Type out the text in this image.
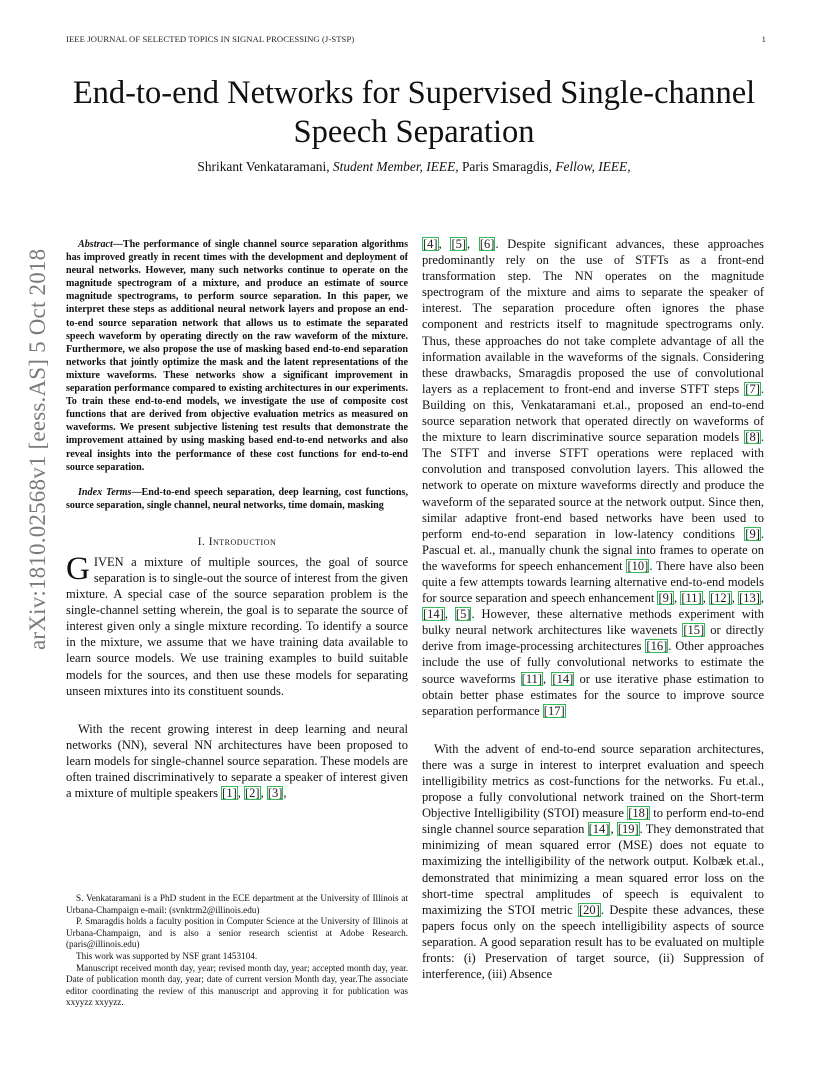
IEEE JOURNAL OF SELECTED TOPICS IN SIGNAL PROCESSING (J-STSP)	1
arXiv:1810.02568v1 [eess.AS] 5 Oct 2018
End-to-end Networks for Supervised Single-channel Speech Separation
Shrikant Venkataramani, Student Member, IEEE, Paris Smaragdis, Fellow, IEEE,

Abstract—The performance of single channel source separation algorithms has improved greatly in recent times with the development and deployment of neural networks. However, many such networks continue to operate on the magnitude spectrogram of a mixture, and produce an estimate of source magnitude spectrograms, to perform source separation. In this paper, we interpret these steps as additional neural network layers and propose an end-to-end source separation network that allows us to estimate the separated speech waveform by operating directly on the raw waveform of the mixture. Furthermore, we also propose the use of masking based end-to-end separation networks that jointly optimize the mask and the latent representations of the mixture waveforms. These networks show a significant improvement in separation performance compared to existing architectures in our experiments. To train these end-to-end models, we investigate the use of composite cost functions that are derived from objective evaluation metrics as measured on waveforms. We present subjective listening test results that demonstrate the improvement attained by using masking based end-to-end networks and also reveal insights into the performance of these cost functions for end-to-end source separation.

Index Terms—End-to-end speech separation, deep learning, cost functions, source separation, single channel, neural networks, time domain, masking

I. Introduction

GIVEN a mixture of multiple sources, the goal of source separation is to single-out the source of interest from the given mixture. A special case of the source separation problem is the single-channel setting wherein, the goal is to separate the source of interest given only a single mixture recording. To identify a source in the mixture, we assume that we have training data available to learn source models. We use training examples to build suitable models for the sources, and then use these models for separating unseen mixtures into its constituent sounds.

With the recent growing interest in deep learning and neural networks (NN), several NN architectures have been proposed to learn models for single-channel source separation. These models are often trained discriminatively to separate a speaker of interest given a mixture of multiple speakers [1], [2], [3],

S. Venkataramani is a PhD student in the ECE department at the University of Illinois at Urbana-Champaign e-mail: (svnktrm2@illinois.edu)

P. Smaragdis holds a faculty position in Computer Science at the University of Illinois at Urbana-Champaign, and is also a senior research scientist at Adobe Research. (paris@illinois.edu)

This work was supported by NSF grant 1453104.

Manuscript received month day, year; revised month day, year; accepted month day, year. Date of publication month day, year; date of current version Month day, year.The associate editor coordinating the review of this manuscript and approving it for publication was xxyyzz xxyyzz.

[4], [5], [6]. Despite significant advances, these approaches predominantly rely on the use of STFTs as a front-end transformation step. The NN operates on the magnitude spectrogram of the mixture and aims to separate the speaker of interest. The separation procedure often ignores the phase component and restricts itself to magnitude spectrograms only. Thus, these approaches do not take complete advantage of all the information available in the waveforms of the signals. Considering these drawbacks, Smaragdis proposed the use of convolutional layers as a replacement to front-end and inverse STFT steps [7]. Building on this, Venkataramani et.al., proposed an end-to-end source separation network that operated directly on waveforms of the mixture to learn discriminative source separation models [8]. The STFT and inverse STFT operations were replaced with convolution and transposed convolution layers. This allowed the network to operate on mixture waveforms directly and produce the waveform of the separated source at the network output. Since then, similar adaptive front-end based networks have been used to perform end-to-end separation in low-latency conditions [9]. Pascual et. al., manually chunk the signal into frames to operate on the waveforms for speech enhancement [10]. There have also been quite a few attempts towards learning alternative end-to-end models for source separation and speech enhancement [9], [11], [12], [13], [14], [5]. However, these alternative methods experiment with bulky neural network architectures like wavenets [15] or directly derive from image-processing architectures [16]. Other approaches include the use of fully convolutional networks to estimate the source waveforms [11], [14] or use iterative phase estimation to obtain better phase estimates for the source to improve source separation performance [17]

With the advent of end-to-end source separation architectures, there was a surge in interest to interpret evaluation and speech intelligibility metrics as cost-functions for the networks. Fu et.al., propose a fully convolutional network trained on the Short-term Objective Intelligibility (STOI) measure [18] to perform end-to-end single channel source separation [14], [19]. They demonstrated that minimizing of mean squared error (MSE) does not equate to maximizing the intelligibility of the network output. Kolbæk et.al., demonstrated that minimizing a mean squared error loss on the short-time spectral amplitudes of speech is equivalent to maximizing the STOI metric [20]. Despite these advances, these papers focus only on the speech intelligibility aspects of source separation. A good separation result has to be evaluated on multiple fronts: (i) Preservation of target source, (ii) Suppression of interference, (iii) Absence
